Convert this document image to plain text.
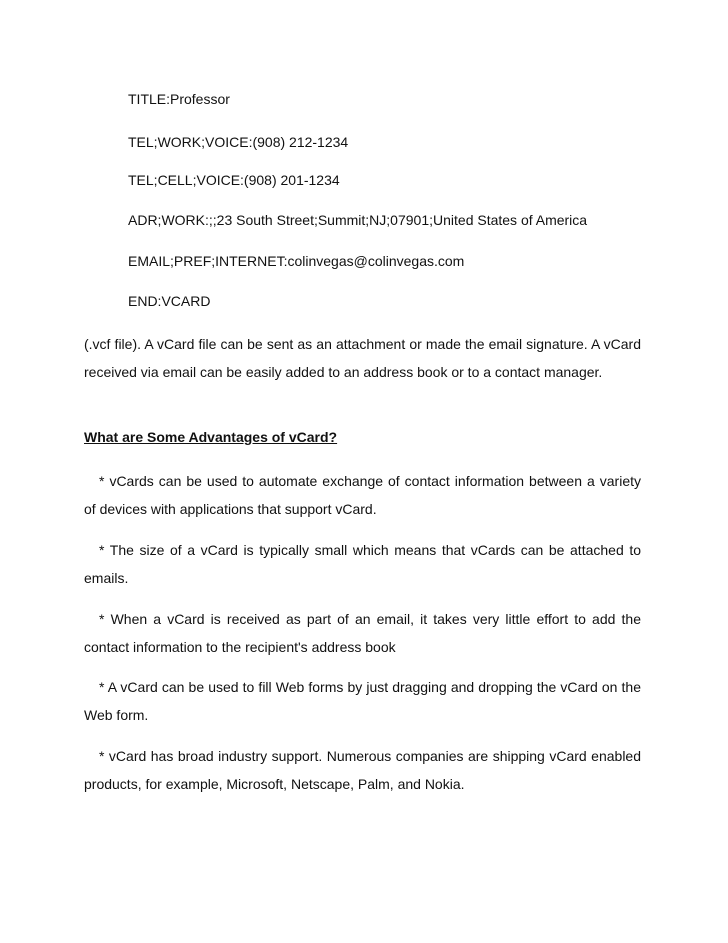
TITLE:Professor

TEL;WORK;VOICE:(908) 212-1234

TEL;CELL;VOICE:(908) 201-1234

ADR;WORK:;;23 South Street;Summit;NJ;07901;United States of America

EMAIL;PREF;INTERNET:colinvegas@colinvegas.com

END:VCARD

(.vcf file). A vCard file can be sent as an attachment or made the email signature. A vCard received via email can be easily added to an address book or to a contact manager.

What are Some Advantages of vCard?

* vCards can be used to automate exchange of contact information between a variety of devices with applications that support vCard.

* The size of a vCard is typically small which means that vCards can be attached to emails.

* When a vCard is received as part of an email, it takes very little effort to add the contact information to the recipient's address book

* A vCard can be used to fill Web forms by just dragging and dropping the vCard on the Web form.

* vCard has broad industry support. Numerous companies are shipping vCard enabled products, for example, Microsoft, Netscape, Palm, and Nokia.
